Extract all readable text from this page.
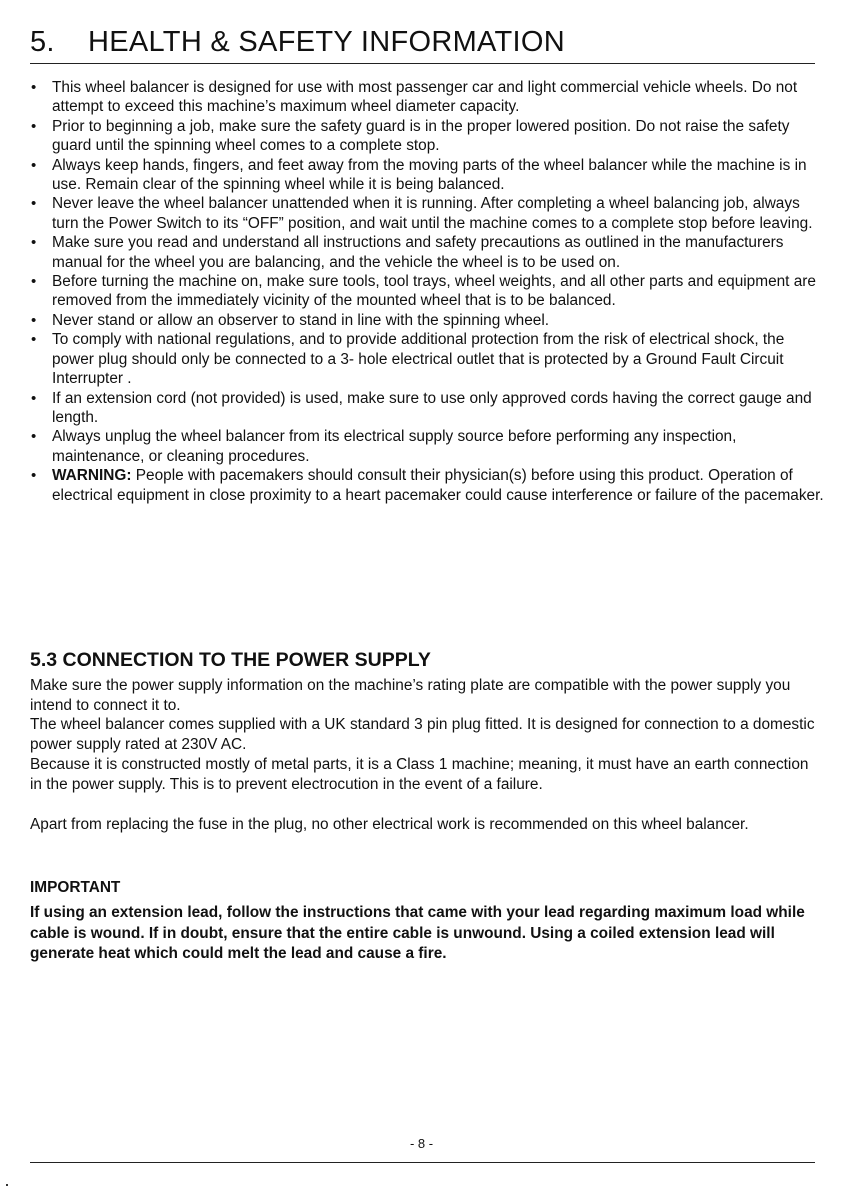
5. HEALTH & SAFETY INFORMATION
• This wheel balancer is designed for use with most passenger car and light commercial vehicle wheels. Do not attempt to exceed this machine’s maximum wheel diameter capacity.
• Prior to beginning a job, make sure the safety guard is in the proper lowered position. Do not raise the safety guard until the spinning wheel comes to a complete stop.
• Always keep hands, fingers, and feet away from the moving parts of the wheel balancer while the machine is in use. Remain clear of the spinning wheel while it is being balanced.
• Never leave the wheel balancer unattended when it is running. After completing a wheel balancing job, always turn the Power Switch to its “OFF” position, and wait until the machine comes to a complete stop before leaving.
• Make sure you read and understand all instructions and safety precautions as outlined in the manufacturers manual for the wheel you are balancing, and the vehicle the wheel is to be used on.
• Before turning the machine on, make sure tools, tool trays, wheel weights, and all other parts and equipment are removed from the immediately vicinity of the mounted wheel that is to be balanced.
• Never stand or allow an observer to stand in line with the spinning wheel.
• To comply with national regulations, and to provide additional protection from the risk of electrical shock, the power plug should only be connected to a 3- hole electrical outlet that is protected by a Ground Fault Circuit Interrupter .
• If an extension cord (not provided) is used, make sure to use only approved cords having the correct gauge and length.
• Always unplug the wheel balancer from its electrical supply source before performing any inspection, maintenance, or cleaning procedures.
• WARNING: People with pacemakers should consult their physician(s) before using this product. Operation of electrical equipment in close proximity to a heart pacemaker could cause interference or failure of the pacemaker.
5.3 CONNECTION TO THE POWER SUPPLY

Make sure the power supply information on the machine’s rating plate are compatible with the power supply you intend to connect it to.

The wheel balancer comes supplied with a UK standard 3 pin plug fitted. It is designed for connection to a domestic power supply rated at 230V AC.

Because it is constructed mostly of metal parts, it is a Class 1 machine; meaning, it must have an earth connection in the power supply. This is to prevent electrocution in the event of a failure.

Apart from replacing the fuse in the plug, no other electrical work is recommended on this wheel balancer.

IMPORTANT

If using an extension lead, follow the instructions that came with your lead regarding maximum load while cable is wound. If in doubt, ensure that the entire cable is unwound. Using a coiled extension lead will generate heat which could melt the lead and cause a fire.

- 8 -
